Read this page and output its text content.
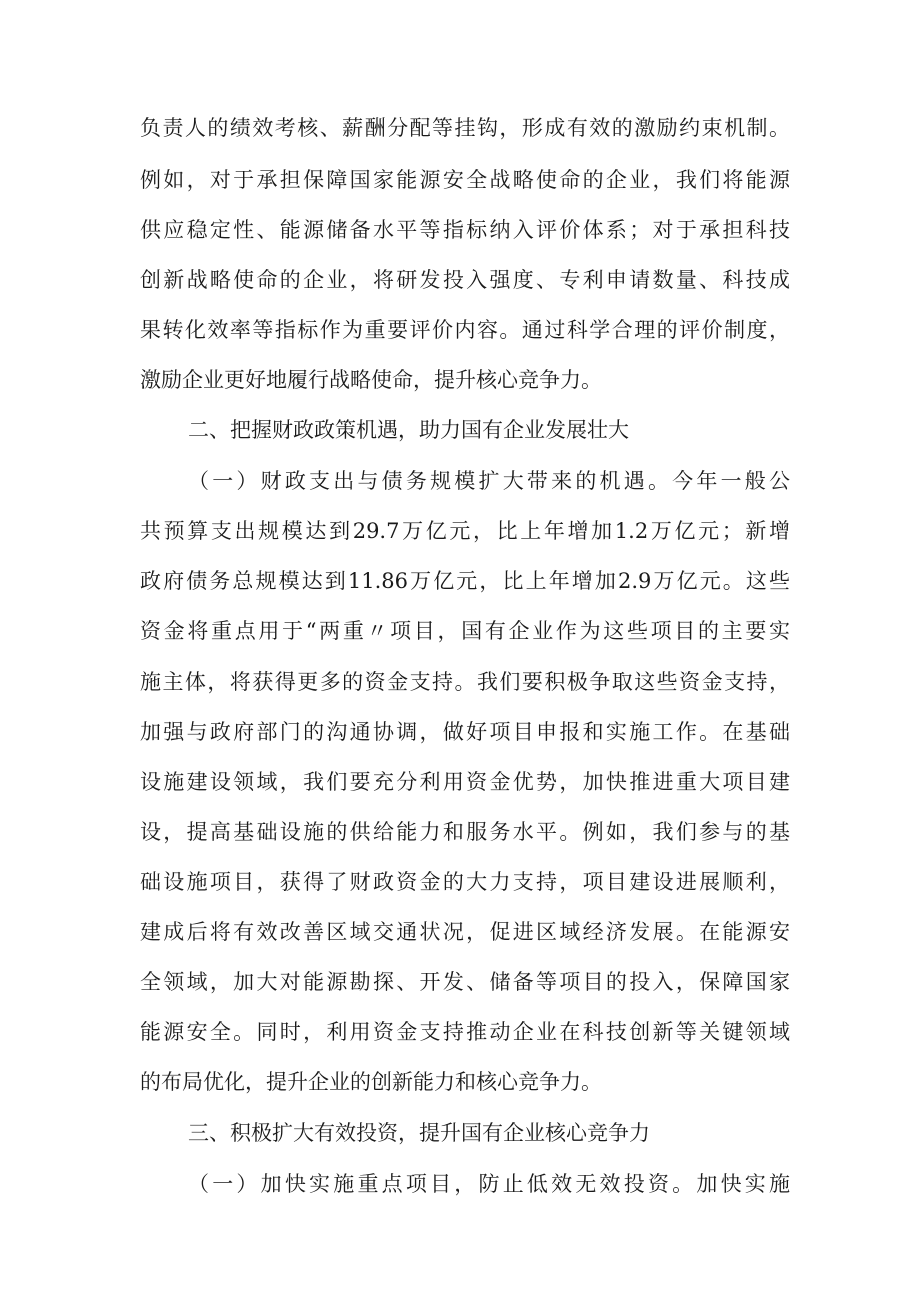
负责人的绩效考核、薪酬分配等挂钩，形成有效的激励约束机制。
例如，对于承担保障国家能源安全战略使命的企业，我们将能源
供应稳定性、能源储备水平等指标纳入评价体系；对于承担科技
创新战略使命的企业，将研发投入强度、专利申请数量、科技成
果转化效率等指标作为重要评价内容。通过科学合理的评价制度，
激励企业更好地履行战略使命，提升核心竞争力。
二、把握财政政策机遇，助力国有企业发展壮大
（一）财政支出与债务规模扩大带来的机遇。今年一般公
共预算支出规模达到29.7万亿元，比上年增加1.2万亿元；新增
政府债务总规模达到11.86万亿元，比上年增加2.9万亿元。这些
资金将重点用于“两重〃项目，国有企业作为这些项目的主要实
施主体，将获得更多的资金支持。我们要积极争取这些资金支持，
加强与政府部门的沟通协调，做好项目申报和实施工作。在基础
设施建设领域，我们要充分利用资金优势，加快推进重大项目建
设，提高基础设施的供给能力和服务水平。例如，我们参与的基
础设施项目，获得了财政资金的大力支持，项目建设进展顺利，
建成后将有效改善区域交通状况，促进区域经济发展。在能源安
全领域，加大对能源勘探、开发、储备等项目的投入，保障国家
能源安全。同时，利用资金支持推动企业在科技创新等关键领域
的布局优化，提升企业的创新能力和核心竞争力。
三、积极扩大有效投资，提升国有企业核心竞争力
（一）加快实施重点项目，防止低效无效投资。加快实施
